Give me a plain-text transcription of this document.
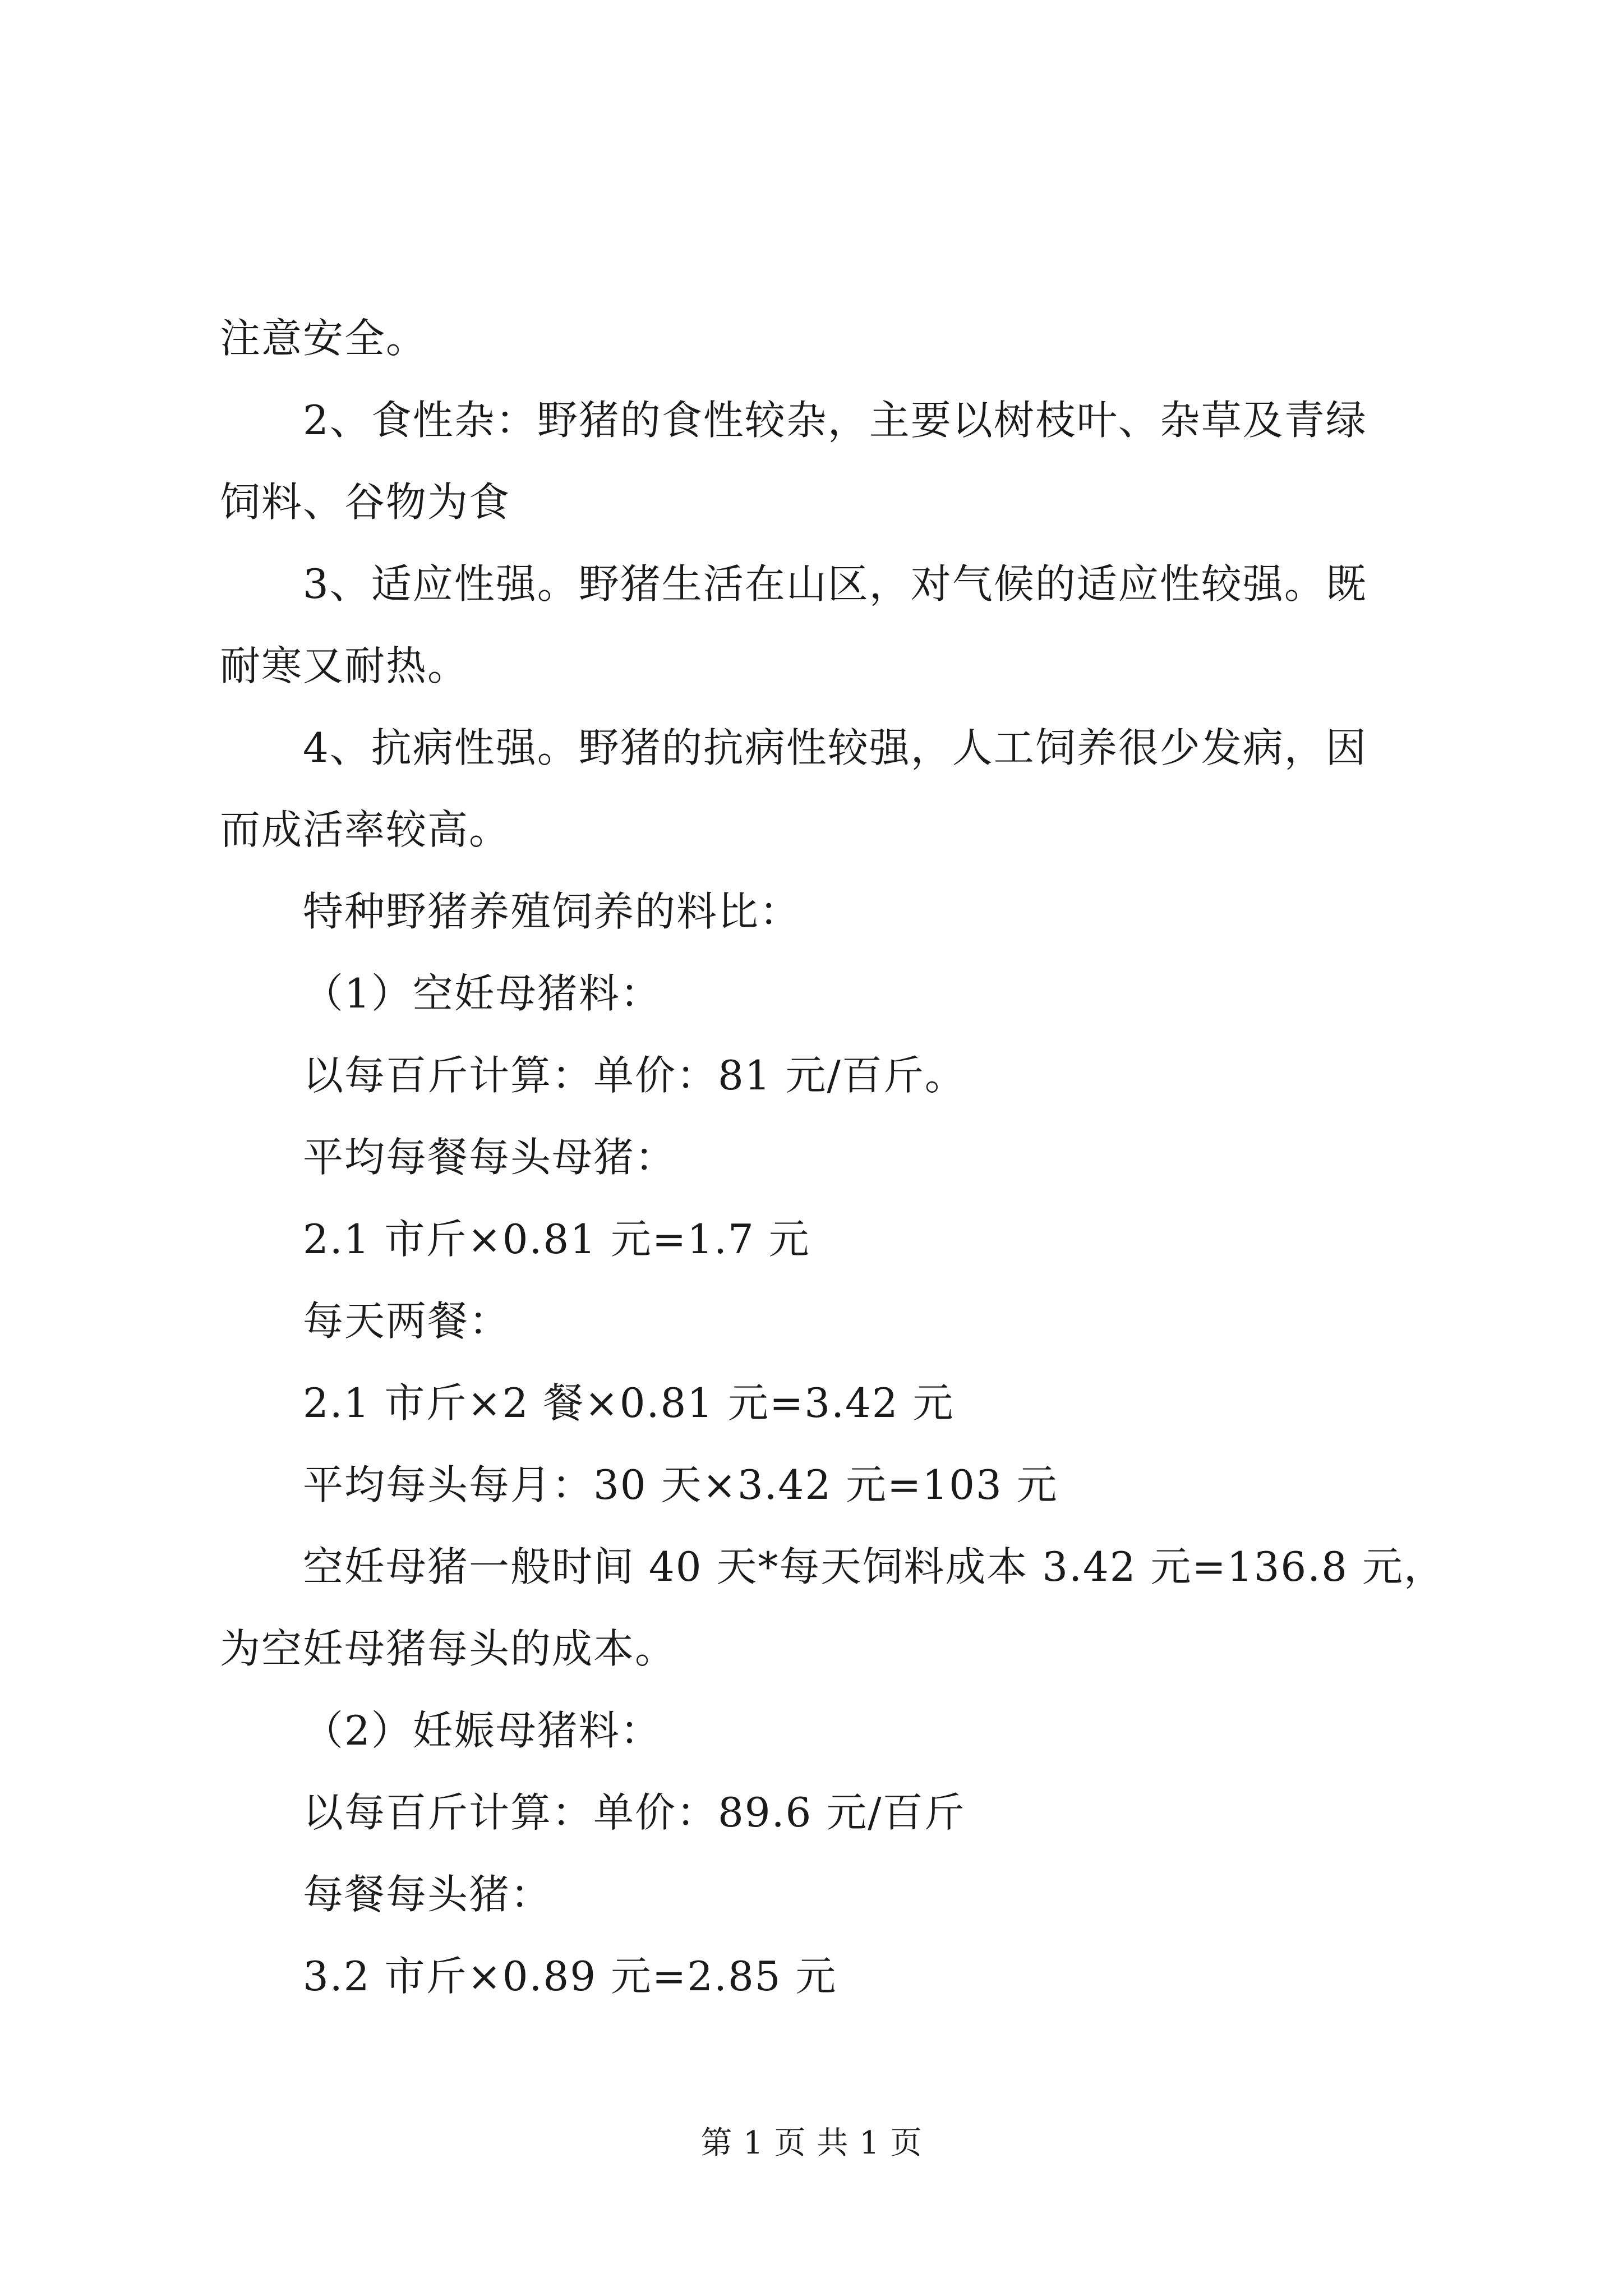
注意安全。
2、食性杂：野猪的食性较杂，主要以树枝叶、杂草及青绿
饲料、谷物为食
3、适应性强。野猪生活在山区，对气候的适应性较强。既
耐寒又耐热。
4、抗病性强。野猪的抗病性较强，人工饲养很少发病，因
而成活率较高。
特种野猪养殖饲养的料比：
（1）空妊母猪料：
以每百斤计算：单价：81 元/百斤。
平均每餐每头母猪：
2.1 市斤×0.81 元=1.7 元
每天两餐：
2.1 市斤×2 餐×0.81 元=3.42 元
平均每头每月：30 天×3.42 元=103 元
空妊母猪一般时间 40 天*每天饲料成本 3.42 元=136.8 元，
为空妊母猪每头的成本。
（2）妊娠母猪料：
以每百斤计算：单价：89.6 元/百斤
每餐每头猪：
3.2 市斤×0.89 元=2.85 元
第 1 页 共 1 页
